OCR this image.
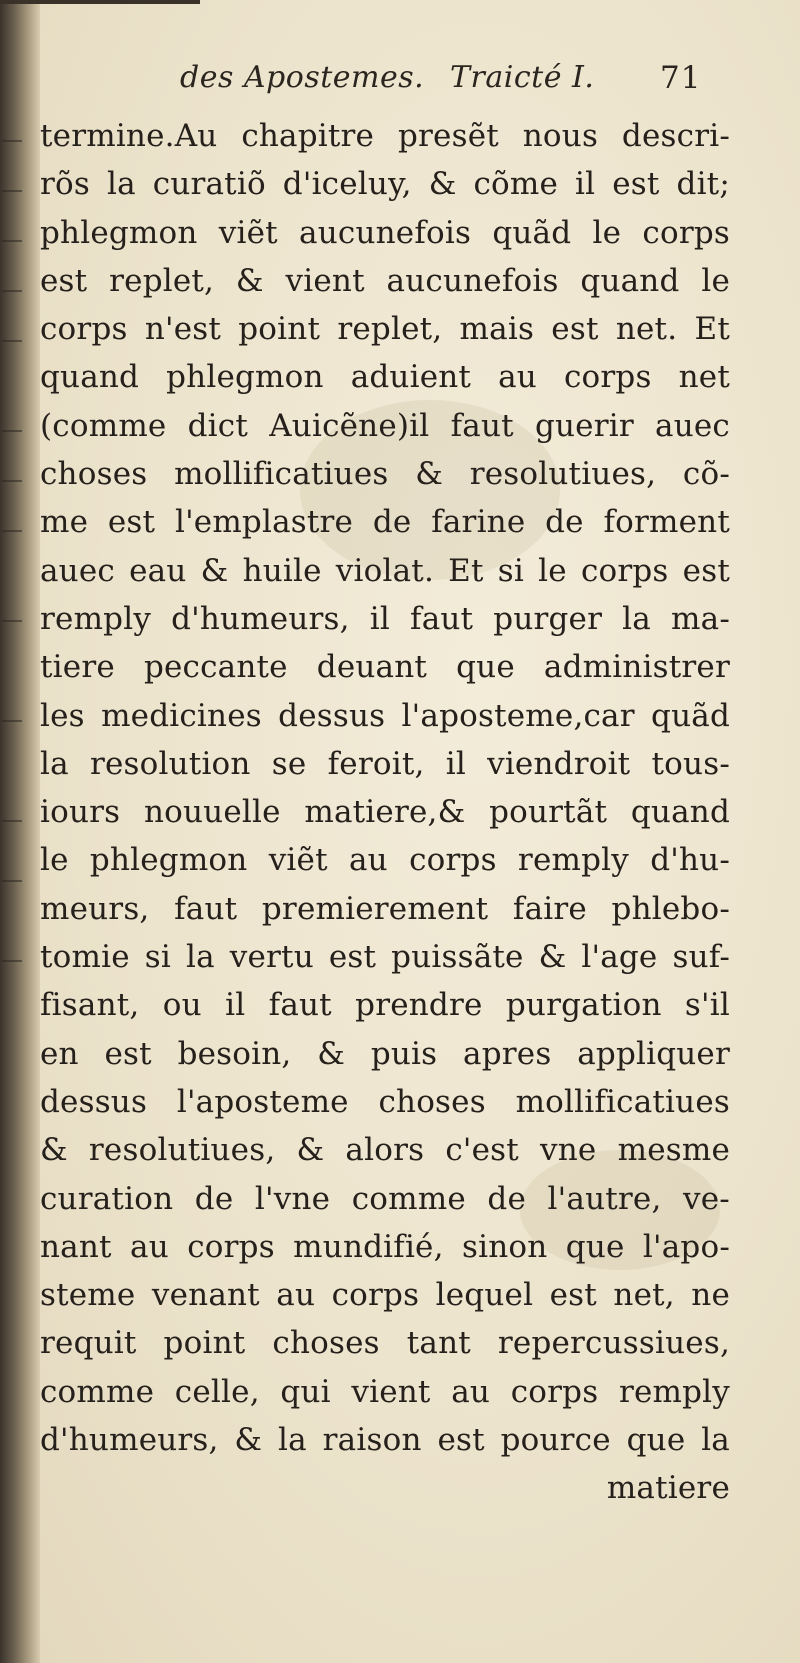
des Apostemes. Traicté I. 71
termine.Au chapitre presẽt nous descri-
rõs la curatiõ d'iceluy, & cõme il est dit;
phlegmon viẽt aucunefois quãd le corps
est replet, & vient aucunefois quand le
corps n'est point replet, mais est net. Et
quand phlegmon aduient au corps net
(comme dict Auicẽne)il faut guerir auec
choses mollificatiues & resolutiues, cõ-
me est l'emplastre de farine de forment
auec eau & huile violat. Et si le corps est
remply d'humeurs, il faut purger la ma-
tiere peccante deuant que administrer
les medicines dessus l'aposteme,car quãd
la resolution se feroit, il viendroit tous-
iours nouuelle matiere,& pourtãt quand
le phlegmon viẽt au corps remply d'hu-
meurs, faut premierement faire phlebo-
tomie si la vertu est puissãte & l'age suf-
fisant, ou il faut prendre purgation s'il
en est besoin, & puis apres appliquer
dessus l'aposteme choses mollificatiues
& resolutiues, & alors c'est vne mesme
curation de l'vne comme de l'autre, ve-
nant au corps mundifié, sinon que l'apo-
steme venant au corps lequel est net, ne
requit point choses tant repercussiues,
comme celle, qui vient au corps remply
d'humeurs, & la raison est pource que la
matiere
